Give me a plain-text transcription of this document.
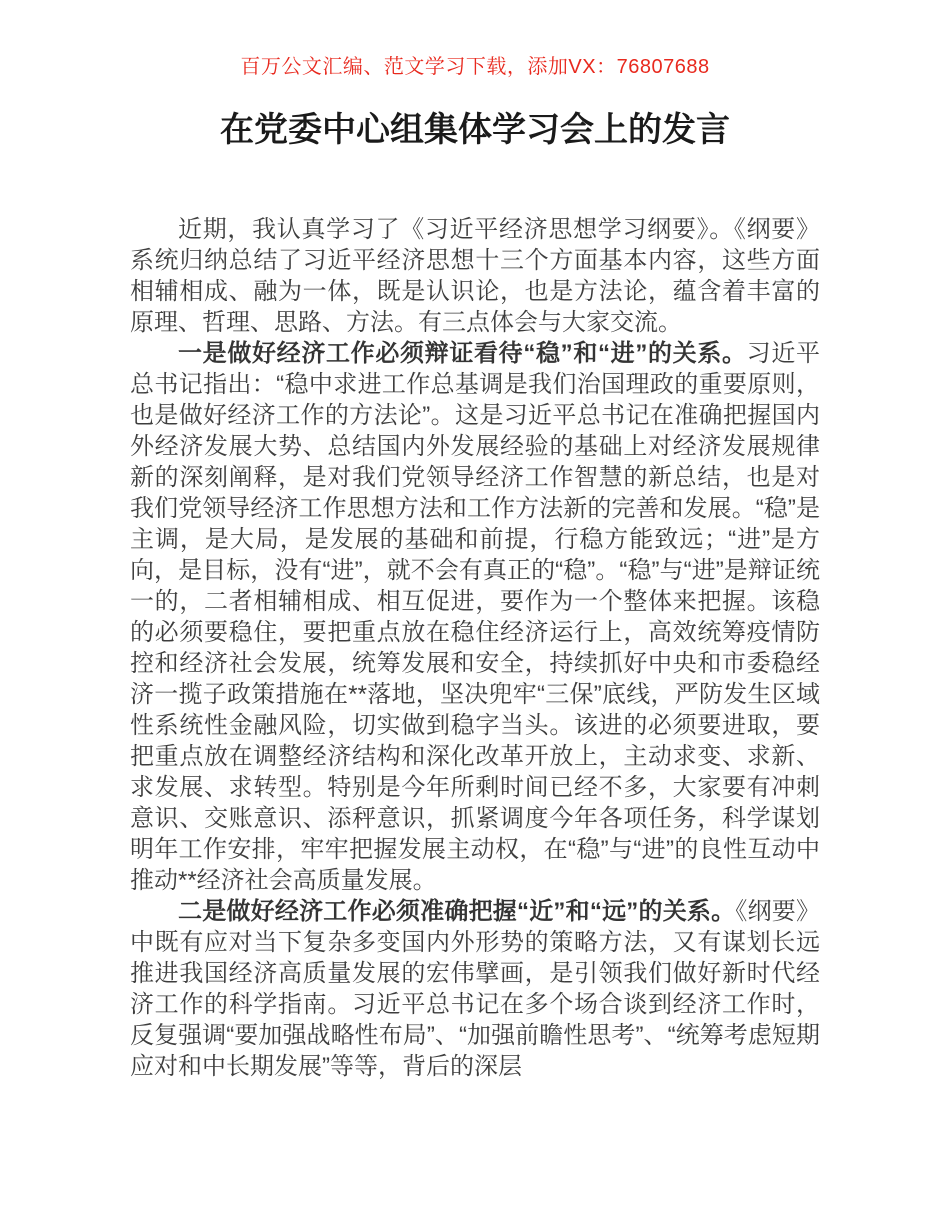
百万公文汇编、范文学习下载，添加VX：76807688
在党委中心组集体学习会上的发言

近期，我认真学习了《习近平经济思想学习纲要》。《纲要》系统归纳总结了习近平经济思想十三个方面基本内容，这些方面相辅相成、融为一体，既是认识论，也是方法论，蕴含着丰富的原理、哲理、思路、方法。有三点体会与大家交流。

一是做好经济工作必须辩证看待“稳”和“进”的关系。习近平总书记指出：“稳中求进工作总基调是我们治国理政的重要原则，也是做好经济工作的方法论”。这是习近平总书记在准确把握国内外经济发展大势、总结国内外发展经验的基础上对经济发展规律新的深刻阐释，是对我们党领导经济工作智慧的新总结，也是对我们党领导经济工作思想方法和工作方法新的完善和发展。“稳”是主调，是大局，是发展的基础和前提，行稳方能致远；“进”是方向，是目标，没有“进”，就不会有真正的“稳”。“稳”与“进”是辩证统一的，二者相辅相成、相互促进，要作为一个整体来把握。该稳的必须要稳住，要把重点放在稳住经济运行上，高效统筹疫情防控和经济社会发展，统筹发展和安全，持续抓好中央和市委稳经济一揽子政策措施在**落地，坚决兜牢“三保”底线，严防发生区域性系统性金融风险，切实做到稳字当头。该进的必须要进取，要把重点放在调整经济结构和深化改革开放上，主动求变、求新、求发展、求转型。特别是今年所剩时间已经不多，大家要有冲刺意识、交账意识、添秤意识，抓紧调度今年各项任务，科学谋划明年工作安排，牢牢把握发展主动权，在“稳”与“进”的良性互动中推动**经济社会高质量发展。

二是做好经济工作必须准确把握“近”和“远”的关系。《纲要》中既有应对当下复杂多变国内外形势的策略方法，又有谋划长远推进我国经济高质量发展的宏伟擘画，是引领我们做好新时代经济工作的科学指南。习近平总书记在多个场合谈到经济工作时，反复强调“要加强战略性布局”、“加强前瞻性思考”、“统筹考虑短期应对和中长期发展”等等，背后的深层
